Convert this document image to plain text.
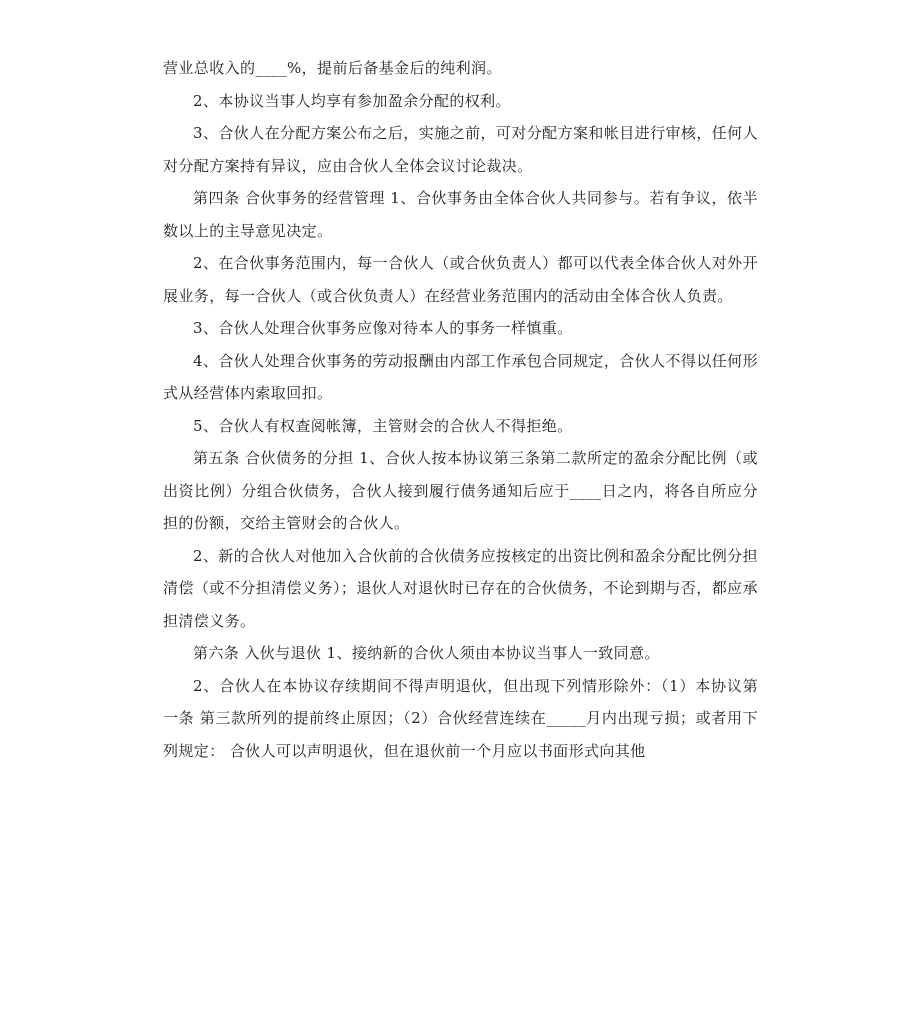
营业总收入的____%，提前后备基金后的纯利润。

2、本协议当事人均享有参加盈余分配的权利。

3、合伙人在分配方案公布之后，实施之前，可对分配方案和帐目进行审核，任何人对分配方案持有异议，应由合伙人全体会议讨论裁决。

第四条 合伙事务的经营管理 1、合伙事务由全体合伙人共同参与。若有争议，依半数以上的主导意见决定。

2、在合伙事务范围内，每一合伙人（或合伙负责人）都可以代表全体合伙人对外开展业务，每一合伙人（或合伙负责人）在经营业务范围内的活动由全体合伙人负责。

3、合伙人处理合伙事务应像对待本人的事务一样慎重。

4、合伙人处理合伙事务的劳动报酬由内部工作承包合同规定，合伙人不得以任何形式从经营体内索取回扣。

5、合伙人有权查阅帐簿，主管财会的合伙人不得拒绝。

第五条 合伙债务的分担 1、合伙人按本协议第三条第二款所定的盈余分配比例（或出资比例）分组合伙债务，合伙人接到履行债务通知后应于____日之内，将各自所应分担的份额，交给主管财会的合伙人。

2、新的合伙人对他加入合伙前的合伙债务应按核定的出资比例和盈余分配比例分担清偿（或不分担清偿义务）；退伙人对退伙时已存在的合伙债务，不论到期与否，都应承担清偿义务。

第六条 入伙与退伙 1、接纳新的合伙人须由本协议当事人一致同意。

2、合伙人在本协议存续期间不得声明退伙，但出现下列情形除外：（1）本协议第一条 第三款所列的提前终止原因；（2）合伙经营连续在_____月内出现亏损；或者用下列规定： 合伙人可以声明退伙，但在退伙前一个月应以书面形式向其他
